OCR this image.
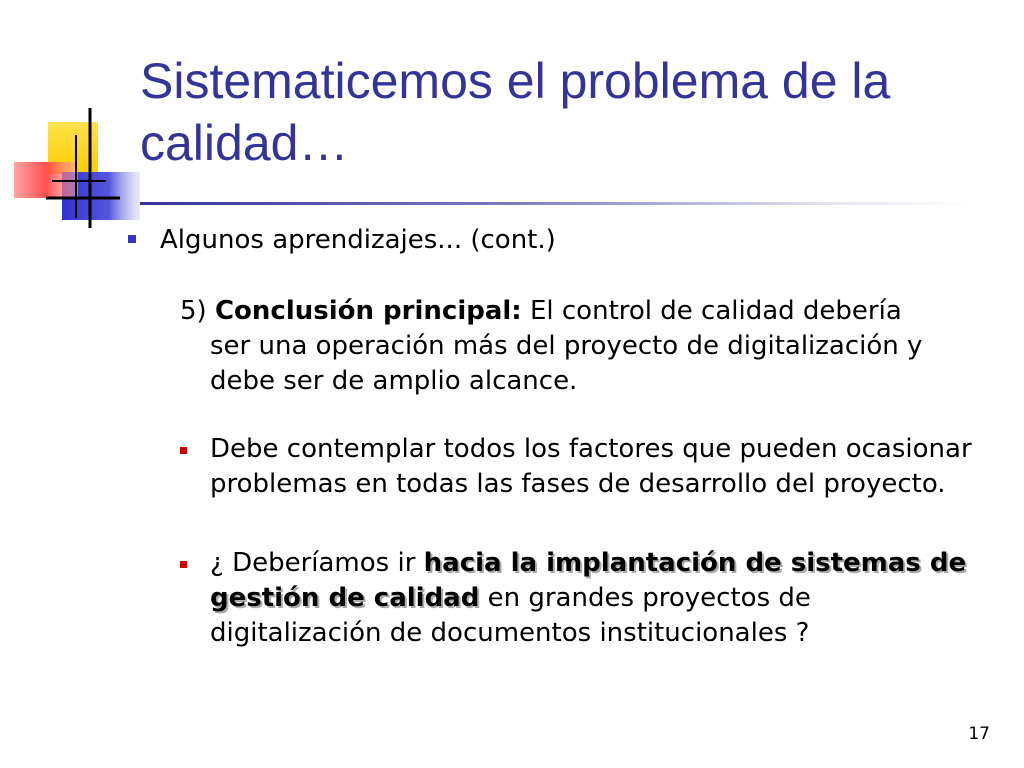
Sistematicemos el problema de la calidad…
Algunos aprendizajes... (cont.)
5) Conclusión principal: El control de calidad debería ser una operación más del proyecto de digitalización y debe ser de amplio alcance.
Debe contemplar todos los factores que pueden ocasionar problemas en todas las fases de desarrollo del proyecto.
¿ Deberíamos ir hacia la implantación de sistemas de gestión de calidad en grandes proyectos de digitalización de documentos institucionales ?
17
